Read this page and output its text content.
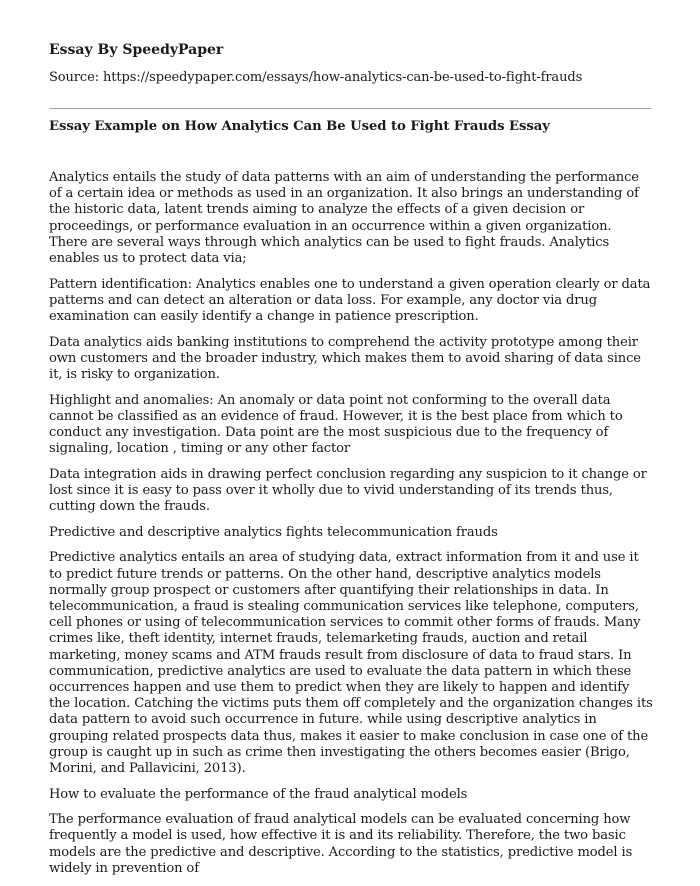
Essay By SpeedyPaper
Source: https://speedypaper.com/essays/how-analytics-can-be-used-to-fight-frauds
Essay Example on How Analytics Can Be Used to Fight Frauds Essay

Analytics entails the study of data patterns with an aim of understanding the performance of a certain idea or methods as used in an organization. It also brings an understanding of the historic data, latent trends aiming to analyze the effects of a given decision or proceedings, or performance evaluation in an occurrence within a given organization. There are several ways through which analytics can be used to fight frauds. Analytics enables us to protect data via;

Pattern identification: Analytics enables one to understand a given operation clearly or data patterns and can detect an alteration or data loss. For example, any doctor via drug examination can easily identify a change in patience prescription.

Data analytics aids banking institutions to comprehend the activity prototype among their own customers and the broader industry, which makes them to avoid sharing of data since it, is risky to organization.

Highlight and anomalies: An anomaly or data point not conforming to the overall data cannot be classified as an evidence of fraud. However, it is the best place from which to conduct any investigation. Data point are the most suspicious due to the frequency of signaling, location , timing or any other factor

Data integration aids in drawing perfect conclusion regarding any suspicion to it change or lost since it is easy to pass over it wholly due to vivid understanding of its trends thus, cutting down the frauds.

Predictive and descriptive analytics fights telecommunication frauds

Predictive analytics entails an area of studying data, extract information from it and use it to predict future trends or patterns. On the other hand, descriptive analytics models normally group prospect or customers after quantifying their relationships in data. In telecommunication, a fraud is stealing communication services like telephone, computers, cell phones or using of telecommunication services to commit other forms of frauds. Many crimes like, theft identity, internet frauds, telemarketing frauds, auction and retail marketing, money scams and ATM frauds result from disclosure of data to fraud stars. In communication, predictive analytics are used to evaluate the data pattern in which these occurrences happen and use them to predict when they are likely to happen and identify the location. Catching the victims puts them off completely and the organization changes its data pattern to avoid such occurrence in future. while using descriptive analytics in grouping related prospects data thus, makes it easier to make conclusion in case one of the group is caught up in such as crime then investigating the others becomes easier (Brigo, Morini, and Pallavicini, 2013).

How to evaluate the performance of the fraud analytical models

The performance evaluation of fraud analytical models can be evaluated concerning how frequently a model is used, how effective it is and its reliability. Therefore, the two basic models are the predictive and descriptive. According to the statistics, predictive model is widely in prevention of
